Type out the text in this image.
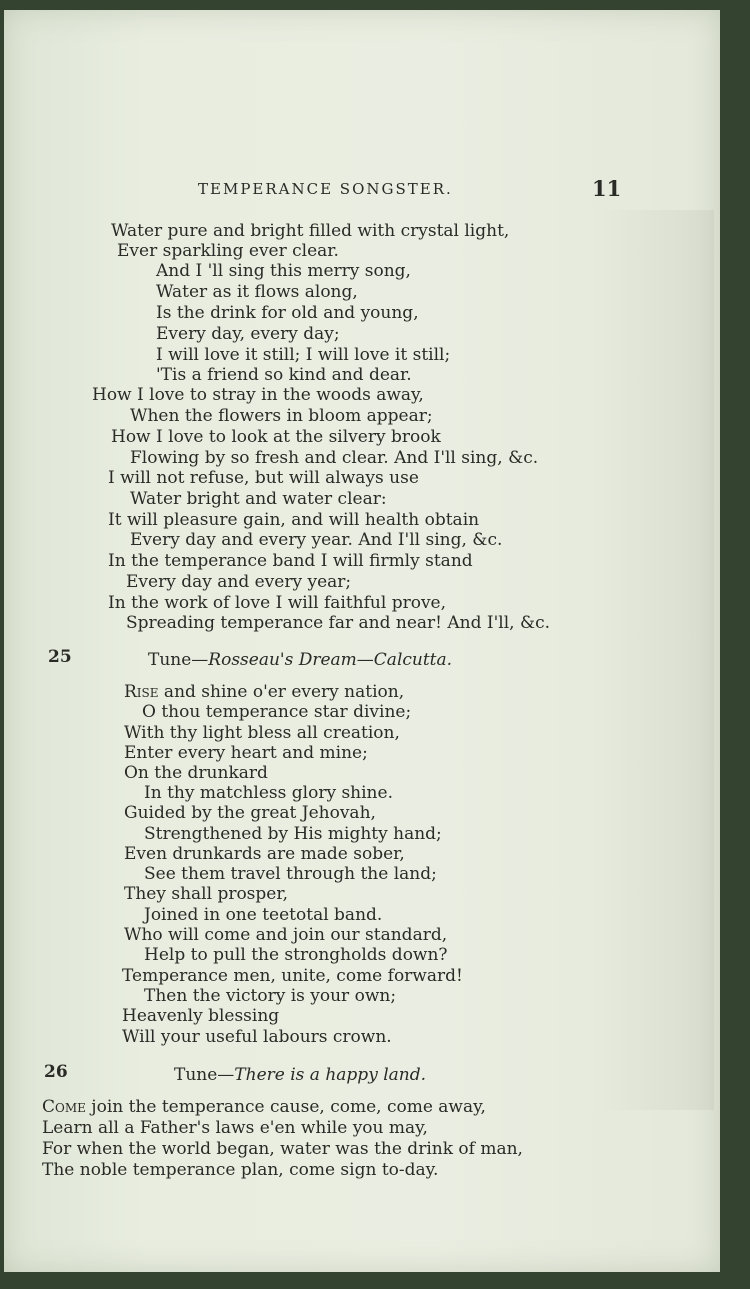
TEMPERANCE SONGSTER.	11
Water pure and bright filled with crystal light,
Ever sparkling ever clear.
And I 'll sing this merry song,
Water as it flows along,
Is the drink for old and young,
Every day, every day;
I will love it still; I will love it still;
'Tis a friend so kind and dear.
How I love to stray in the woods away,
When the flowers in bloom appear;
How I love to look at the silvery brook
Flowing by so fresh and clear. And I'll sing, &c.
I will not refuse, but will always use
Water bright and water clear:
It will pleasure gain, and will health obtain
Every day and every year. And I'll sing, &c.
In the temperance band I will firmly stand
Every day and every year;
In the work of love I will faithful prove,
Spreading temperance far and near! And I'll, &c.
25	Tune—Rosseau's Dream—Calcutta.
Rise and shine o'er every nation,
O thou temperance star divine;
With thy light bless all creation,
Enter every heart and mine;
On the drunkard
In thy matchless glory shine.
Guided by the great Jehovah,
Strengthened by His mighty hand;
Even drunkards are made sober,
See them travel through the land;
They shall prosper,
Joined in one teetotal band.
Who will come and join our standard,
Help to pull the strongholds down?
Temperance men, unite, come forward!
Then the victory is your own;
Heavenly blessing
Will your useful labours crown.
26	Tune—There is a happy land.
Come join the temperance cause, come, come away,
Learn all a Father's laws e'en while you may,
For when the world began, water was the drink of man,
The noble temperance plan, come sign to-day.
